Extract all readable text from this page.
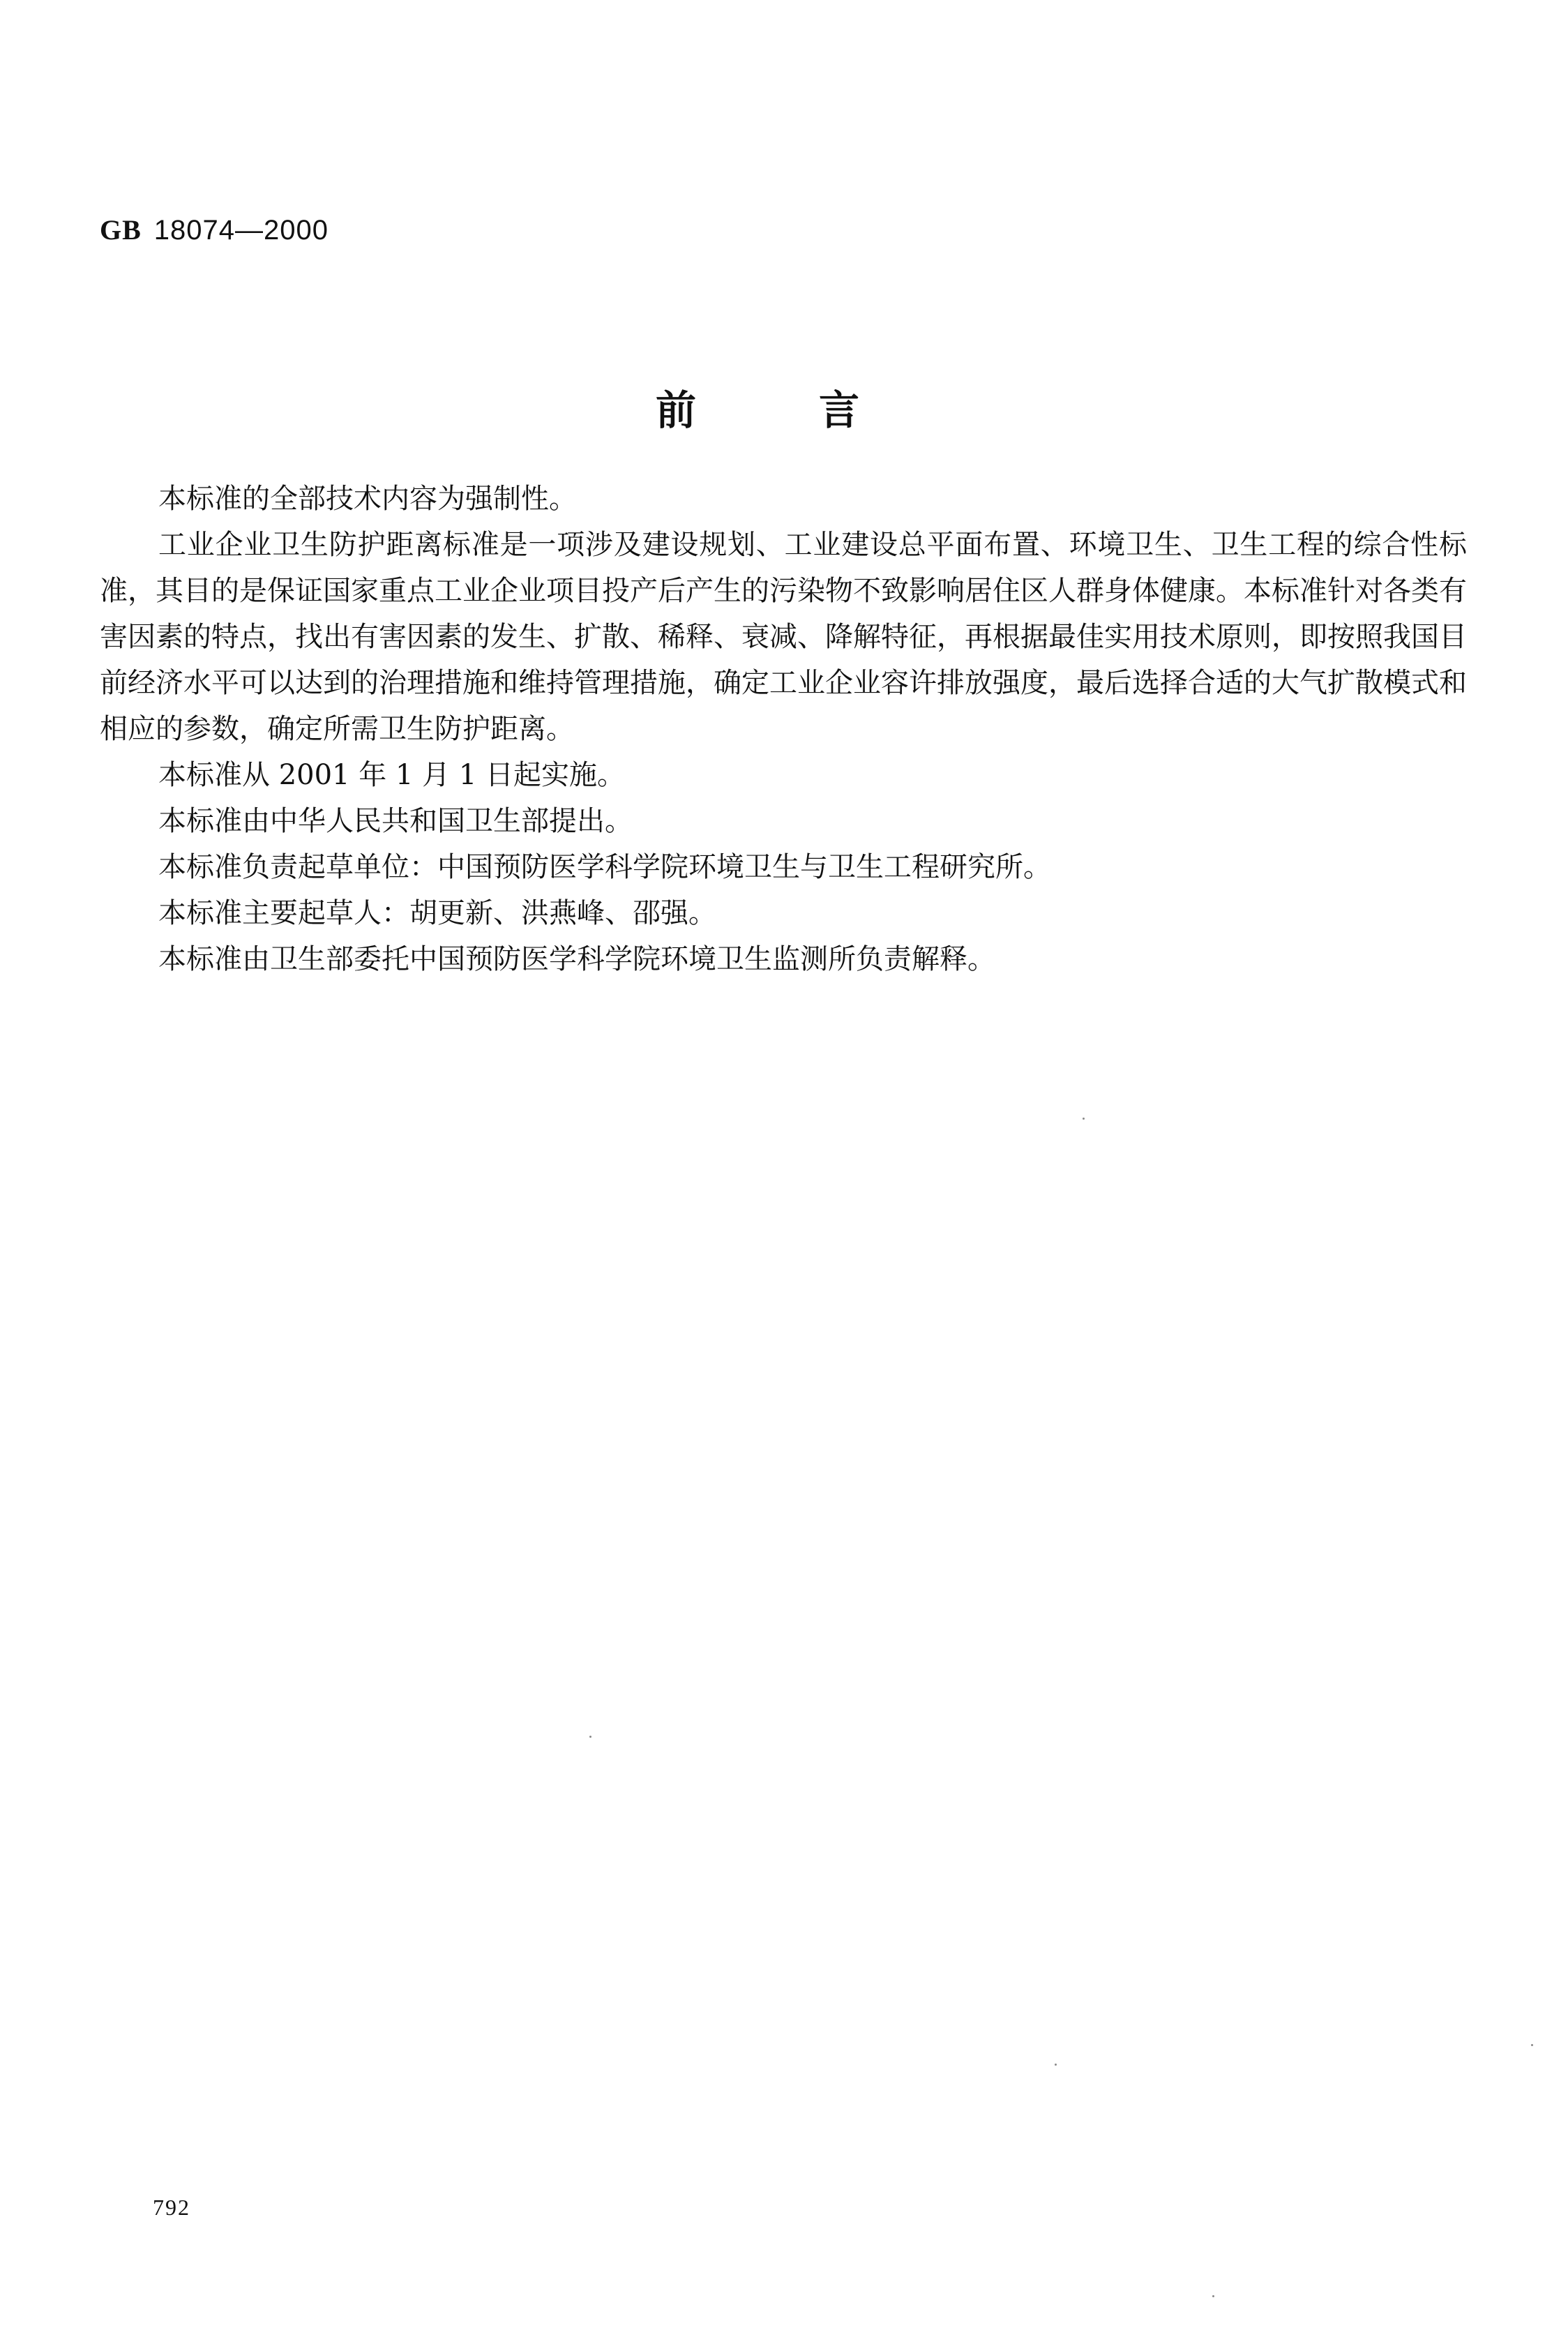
GB 18074—2000
前言

本标准的全部技术内容为强制性。

工业企业卫生防护距离标准是一项涉及建设规划、工业建设总平面布置、环境卫生、卫生工程的综合性标准，其目的是保证国家重点工业企业项目投产后产生的污染物不致影响居住区人群身体健康。本标准针对各类有害因素的特点，找出有害因素的发生、扩散、稀释、衰减、降解特征，再根据最佳实用技术原则，即按照我国目前经济水平可以达到的治理措施和维持管理措施，确定工业企业容许排放强度，最后选择合适的大气扩散模式和相应的参数，确定所需卫生防护距离。

本标准从 2001 年 1 月 1 日起实施。

本标准由中华人民共和国卫生部提出。

本标准负责起草单位：中国预防医学科学院环境卫生与卫生工程研究所。

本标准主要起草人：胡更新、洪燕峰、邵强。

本标准由卫生部委托中国预防医学科学院环境卫生监测所负责解释。

792
